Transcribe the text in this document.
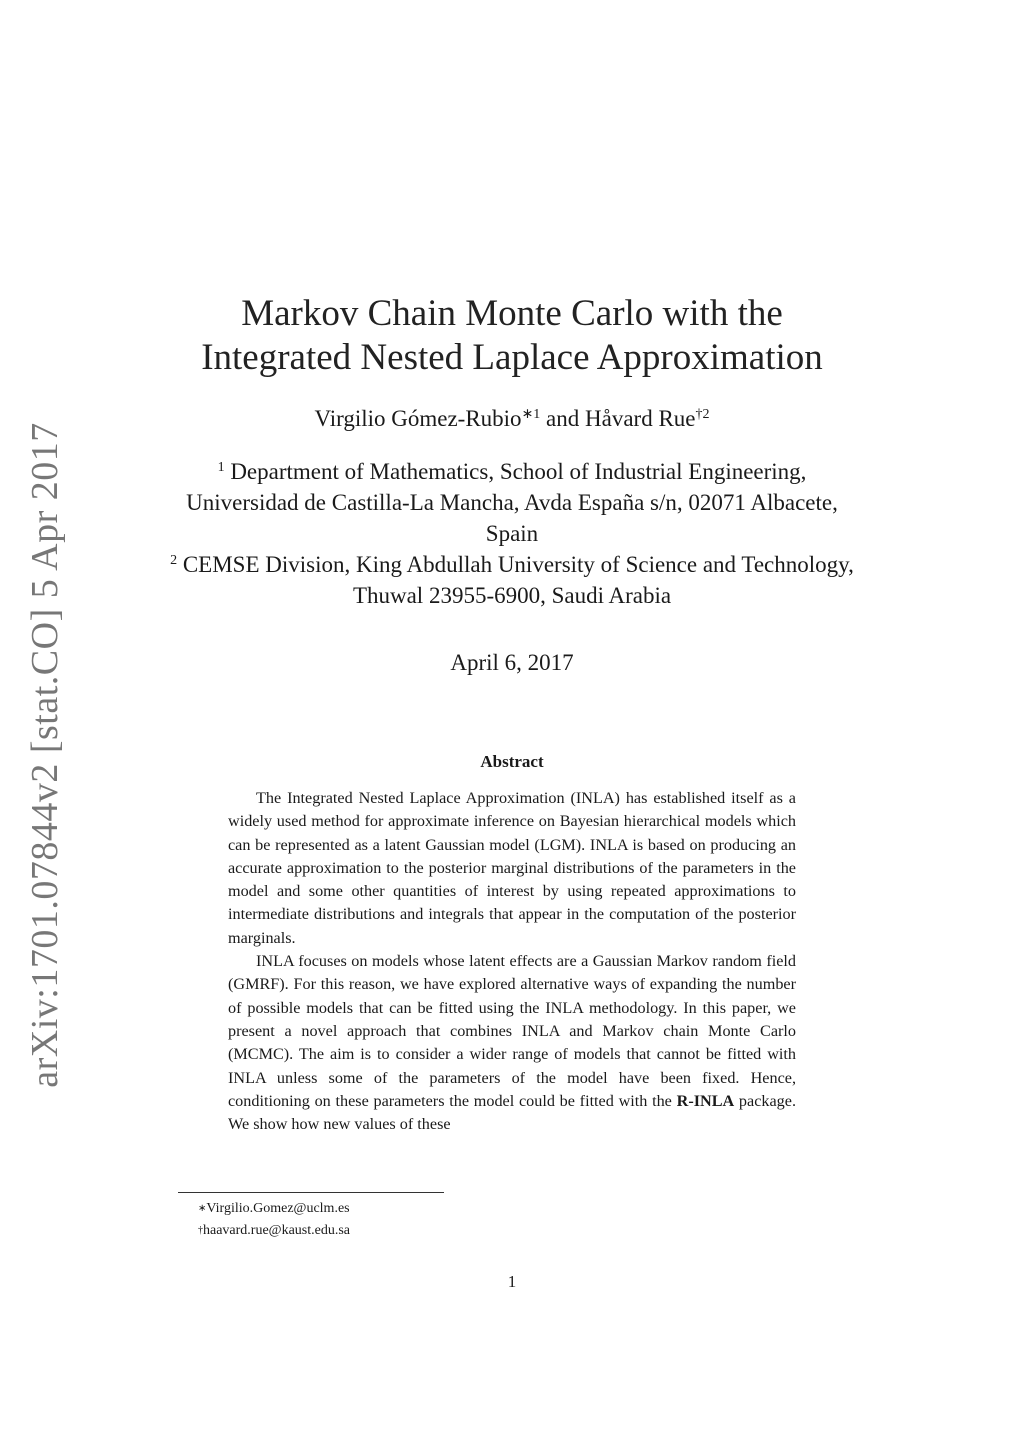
arXiv:1701.07844v2 [stat.CO] 5 Apr 2017
Markov Chain Monte Carlo with the
Integrated Nested Laplace Approximation
Virgilio Gómez-Rubio$^{∗1}$ and Håvard Rue$^{\dagger 2}$

$^1$ Department of Mathematics, School of Industrial Engineering, Universidad de Castilla-La Mancha, Avda España s/n, 02071 Albacete, Spain

$^2$ CEMSE Division, King Abdullah University of Science and Technology, Thuwal 23955-6900, Saudi Arabia

April 6, 2017
Abstract

The Integrated Nested Laplace Approximation (INLA) has established itself as a widely used method for approximate inference on Bayesian hierarchical models which can be represented as a latent Gaussian model (LGM). INLA is based on producing an accurate approximation to the posterior marginal distributions of the parameters in the model and some other quantities of interest by using repeated approximations to intermediate distributions and integrals that appear in the computation of the posterior marginals.

INLA focuses on models whose latent effects are a Gaussian Markov random field (GMRF). For this reason, we have explored alternative ways of expanding the number of possible models that can be fitted using the INLA methodology. In this paper, we present a novel approach that combines INLA and Markov chain Monte Carlo (MCMC). The aim is to consider a wider range of models that cannot be fitted with INLA unless some of the parameters of the model have been fixed. Hence, conditioning on these parameters the model could be fitted with the R-INLA package. We show how new values of these

∗Virgilio.Gomez@uclm.es
†haavard.rue@kaust.edu.sa
1
